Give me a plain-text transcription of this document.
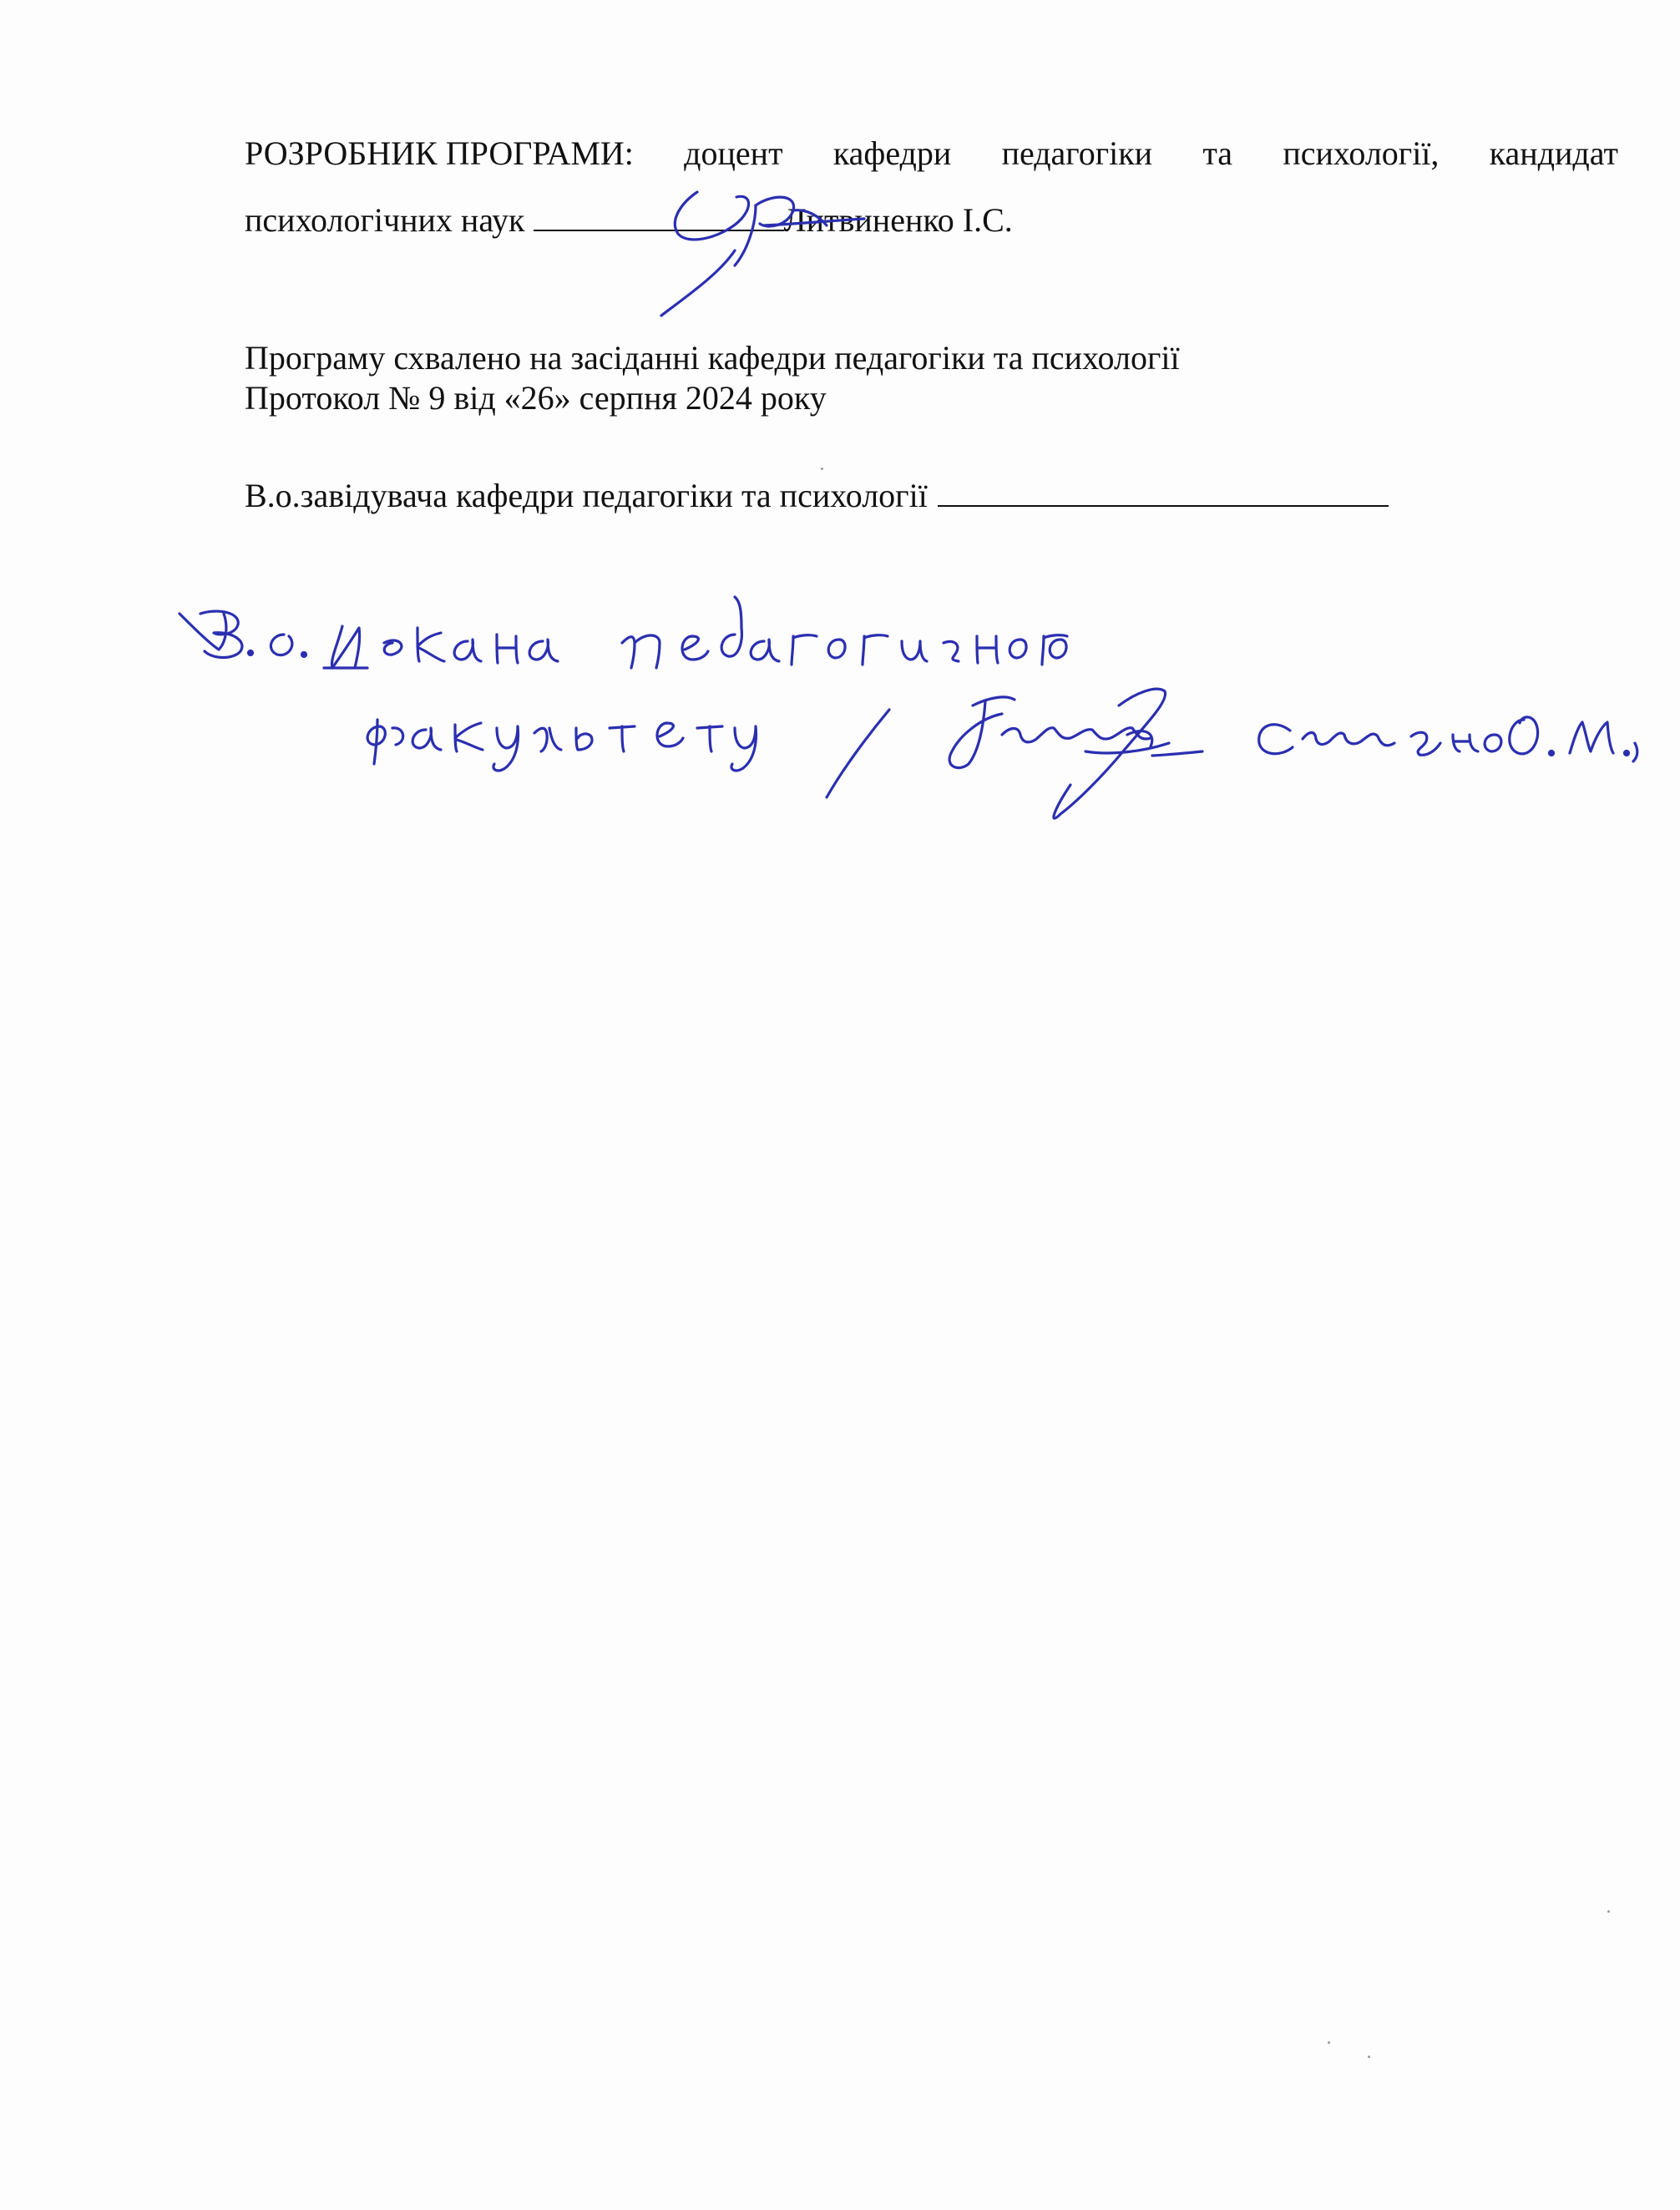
РОЗРОБНИК ПРОГРАМИ: доцент кафедри педагогіки та психології, кандидат
психологічних наук	Литвиненко І.С.
Програму схвалено на засіданні кафедри педагогіки та психології
Протокол № 9 від «26» серпня 2024 року
В.о.завідувача кафедри педагогіки та психології
